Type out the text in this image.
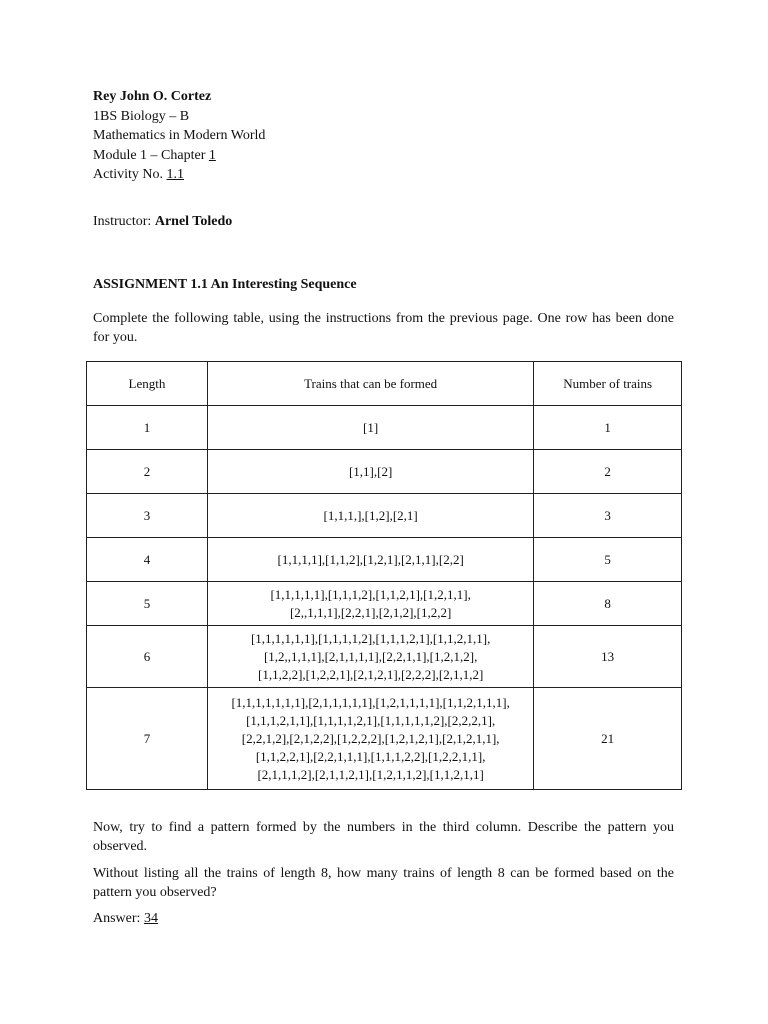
Rey John O. Cortez
1BS Biology – B
Mathematics in Modern World
Module 1 – Chapter 1
Activity No. 1.1
Instructor: Arnel Toledo
ASSIGNMENT 1.1 An Interesting Sequence
Complete the following table, using the instructions from the previous page. One row has been done for you.
Length	Trains that can be formed	Number of trains
1	[1]	1
2	[1,1],[2]	2
3	[1,1,1,],[1,2],[2,1]	3
4	[1,1,1,1],[1,1,2],[1,2,1],[2,1,1],[2,2]	5
5	[1,1,1,1,1],[1,1,1,2],[1,1,2,1],[1,2,1,1],
[2,,1,1,1],[2,2,1],[2,1,2],[1,2,2]	8
6	[1,1,1,1,1,1],[1,1,1,1,2],[1,1,1,2,1],[1,1,2,1,1],
[1,2,,1,1,1],[2,1,1,1,1],[2,2,1,1],[1,2,1,2],
[1,1,2,2],[1,2,2,1],[2,1,2,1],[2,2,2],[2,1,1,2]	13
7	[1,1,1,1,1,1,1],[2,1,1,1,1,1],[1,2,1,1,1,1],[1,1,2,1,1,1],
[1,1,1,2,1,1],[1,1,1,1,2,1],[1,1,1,1,1,2],[2,2,2,1],
[2,2,1,2],[2,1,2,2],[1,2,2,2],[1,2,1,2,1],[2,1,2,1,1],
[1,1,2,2,1],[2,2,1,1,1],[1,1,1,2,2],[1,2,2,1,1],
[2,1,1,1,2],[2,1,1,2,1],[1,2,1,1,2],[1,1,2,1,1]	21
Now, try to find a pattern formed by the numbers in the third column. Describe the pattern you observed.
Without listing all the trains of length 8, how many trains of length 8 can be formed based on the pattern you observed?
Answer: 34
